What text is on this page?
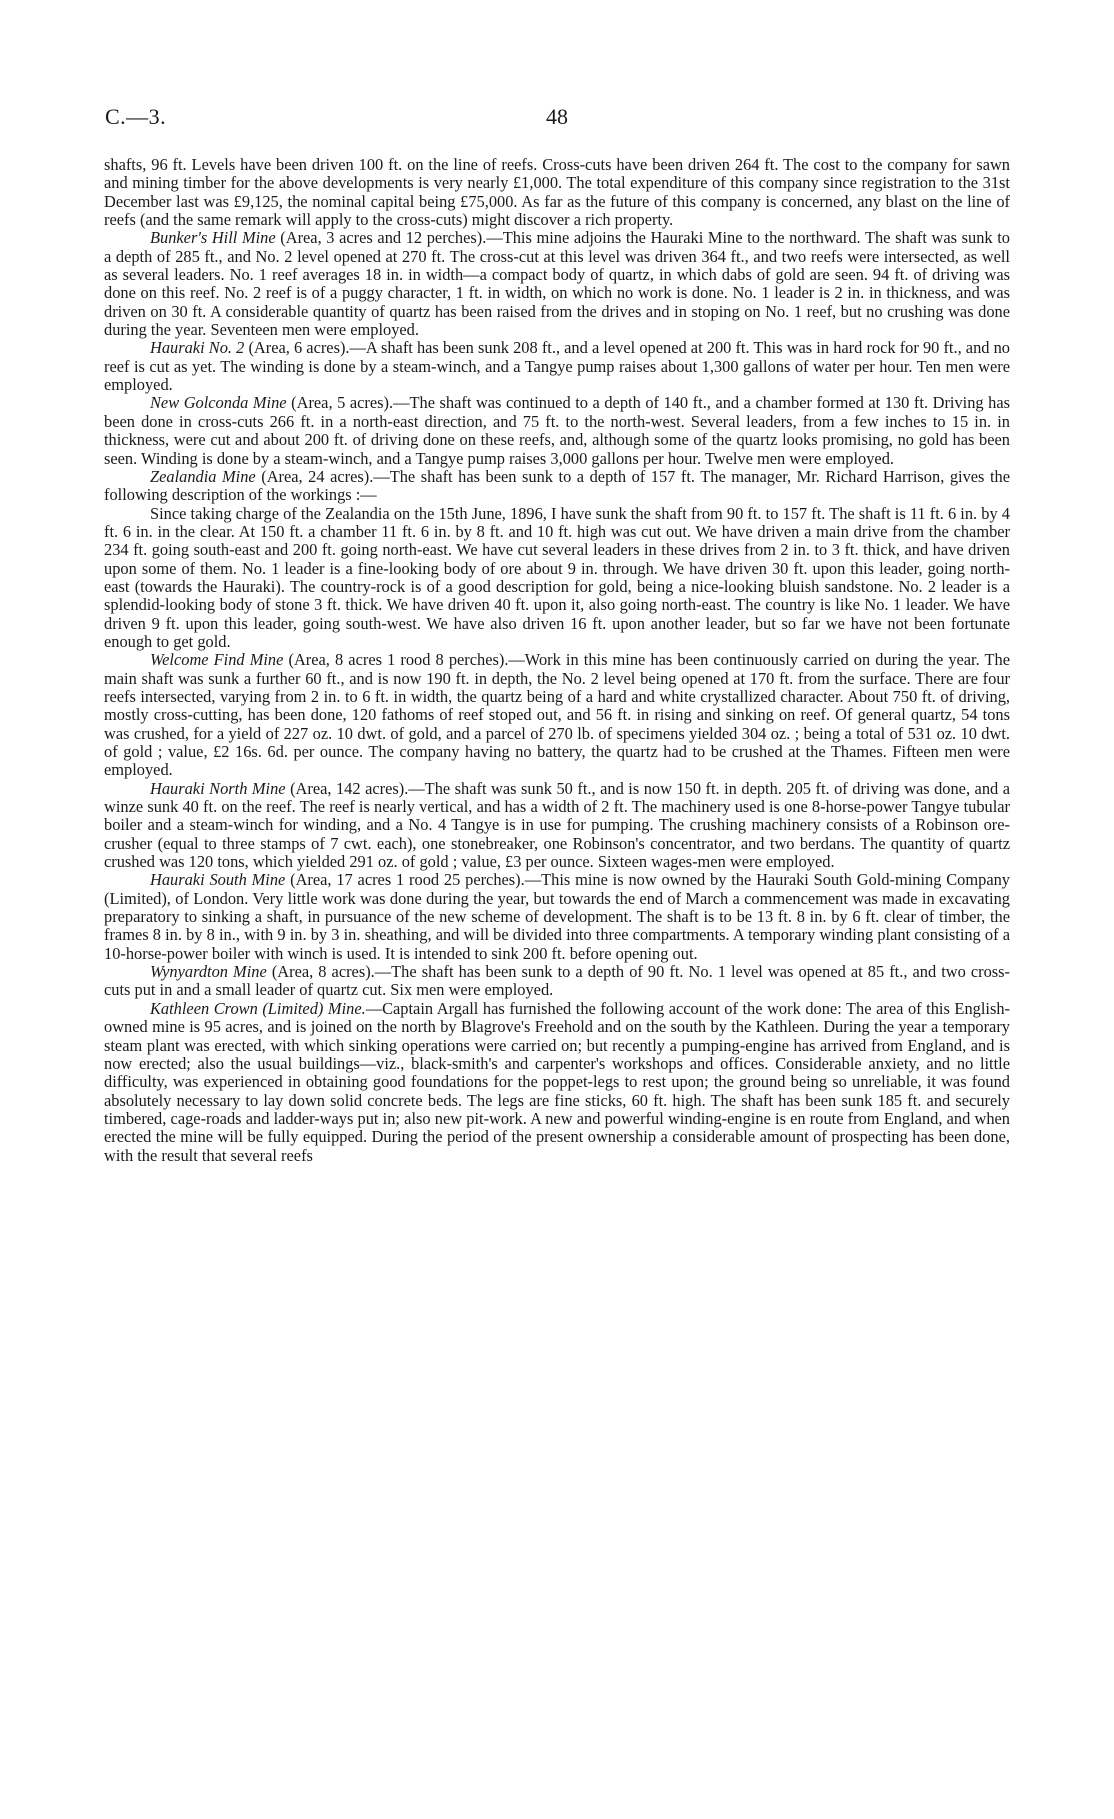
C.—3.	48

shafts, 96 ft. Levels have been driven 100 ft. on the line of reefs. Cross-cuts have been driven 264 ft. The cost to the company for sawn and mining timber for the above developments is very nearly £1,000. The total expenditure of this company since registration to the 31st December last was £9,125, the nominal capital being £75,000. As far as the future of this company is concerned, any blast on the line of reefs (and the same remark will apply to the cross-cuts) might discover a rich property.

Bunker's Hill Mine (Area, 3 acres and 12 perches).—This mine adjoins the Hauraki Mine to the northward. The shaft was sunk to a depth of 285 ft., and No. 2 level opened at 270 ft. The cross-cut at this level was driven 364 ft., and two reefs were intersected, as well as several leaders. No. 1 reef averages 18 in. in width—a compact body of quartz, in which dabs of gold are seen. 94 ft. of driving was done on this reef. No. 2 reef is of a puggy character, 1 ft. in width, on which no work is done. No. 1 leader is 2 in. in thickness, and was driven on 30 ft. A considerable quantity of quartz has been raised from the drives and in stoping on No. 1 reef, but no crushing was done during the year. Seventeen men were employed.

Hauraki No. 2 (Area, 6 acres).—A shaft has been sunk 208 ft., and a level opened at 200 ft. This was in hard rock for 90 ft., and no reef is cut as yet. The winding is done by a steam-winch, and a Tangye pump raises about 1,300 gallons of water per hour. Ten men were employed.

New Golconda Mine (Area, 5 acres).—The shaft was continued to a depth of 140 ft., and a chamber formed at 130 ft. Driving has been done in cross-cuts 266 ft. in a north-east direction, and 75 ft. to the north-west. Several leaders, from a few inches to 15 in. in thickness, were cut and about 200 ft. of driving done on these reefs, and, although some of the quartz looks promising, no gold has been seen. Winding is done by a steam-winch, and a Tangye pump raises 3,000 gallons per hour. Twelve men were employed.

Zealandia Mine (Area, 24 acres).—The shaft has been sunk to a depth of 157 ft. The manager, Mr. Richard Harrison, gives the following description of the workings :—

Since taking charge of the Zealandia on the 15th June, 1896, I have sunk the shaft from 90 ft. to 157 ft. The shaft is 11 ft. 6 in. by 4 ft. 6 in. in the clear. At 150 ft. a chamber 11 ft. 6 in. by 8 ft. and 10 ft. high was cut out. We have driven a main drive from the chamber 234 ft. going south-east and 200 ft. going north-east. We have cut several leaders in these drives from 2 in. to 3 ft. thick, and have driven upon some of them. No. 1 leader is a fine-looking body of ore about 9 in. through. We have driven 30 ft. upon this leader, going north-east (towards the Hauraki). The country-rock is of a good description for gold, being a nice-looking bluish sandstone. No. 2 leader is a splendid-looking body of stone 3 ft. thick. We have driven 40 ft. upon it, also going north-east. The country is like No. 1 leader. We have driven 9 ft. upon this leader, going south-west. We have also driven 16 ft. upon another leader, but so far we have not been fortunate enough to get gold.

Welcome Find Mine (Area, 8 acres 1 rood 8 perches).—Work in this mine has been continuously carried on during the year. The main shaft was sunk a further 60 ft., and is now 190 ft. in depth, the No. 2 level being opened at 170 ft. from the surface. There are four reefs intersected, varying from 2 in. to 6 ft. in width, the quartz being of a hard and white crystallized character. About 750 ft. of driving, mostly cross-cutting, has been done, 120 fathoms of reef stoped out, and 56 ft. in rising and sinking on reef. Of general quartz, 54 tons was crushed, for a yield of 227 oz. 10 dwt. of gold, and a parcel of 270 lb. of specimens yielded 304 oz. ; being a total of 531 oz. 10 dwt. of gold ; value, £2 16s. 6d. per ounce. The company having no battery, the quartz had to be crushed at the Thames. Fifteen men were employed.

Hauraki North Mine (Area, 142 acres).—The shaft was sunk 50 ft., and is now 150 ft. in depth. 205 ft. of driving was done, and a winze sunk 40 ft. on the reef. The reef is nearly vertical, and has a width of 2 ft. The machinery used is one 8-horse-power Tangye tubular boiler and a steam-winch for winding, and a No. 4 Tangye is in use for pumping. The crushing machinery consists of a Robinson ore-crusher (equal to three stamps of 7 cwt. each), one stonebreaker, one Robinson's concentrator, and two berdans. The quantity of quartz crushed was 120 tons, which yielded 291 oz. of gold ; value, £3 per ounce. Sixteen wages-men were employed.

Hauraki South Mine (Area, 17 acres 1 rood 25 perches).—This mine is now owned by the Hauraki South Gold-mining Company (Limited), of London. Very little work was done during the year, but towards the end of March a commencement was made in excavating preparatory to sinking a shaft, in pursuance of the new scheme of development. The shaft is to be 13 ft. 8 in. by 6 ft. clear of timber, the frames 8 in. by 8 in., with 9 in. by 3 in. sheathing, and will be divided into three compartments. A temporary winding plant consisting of a 10-horse-power boiler with winch is used. It is intended to sink 200 ft. before opening out.

Wynyardton Mine (Area, 8 acres).—The shaft has been sunk to a depth of 90 ft. No. 1 level was opened at 85 ft., and two cross-cuts put in and a small leader of quartz cut. Six men were employed.

Kathleen Crown (Limited) Mine.—Captain Argall has furnished the following account of the work done: The area of this English-owned mine is 95 acres, and is joined on the north by Blagrove's Freehold and on the south by the Kathleen. During the year a temporary steam plant was erected, with which sinking operations were carried on; but recently a pumping-engine has arrived from England, and is now erected; also the usual buildings—viz., black-smith's and carpenter's workshops and offices. Considerable anxiety, and no little difficulty, was experienced in obtaining good foundations for the poppet-legs to rest upon; the ground being so unreliable, it was found absolutely necessary to lay down solid concrete beds. The legs are fine sticks, 60 ft. high. The shaft has been sunk 185 ft. and securely timbered, cage-roads and ladder-ways put in; also new pit-work. A new and powerful winding-engine is en route from England, and when erected the mine will be fully equipped. During the period of the present ownership a considerable amount of prospecting has been done, with the result that several reefs
